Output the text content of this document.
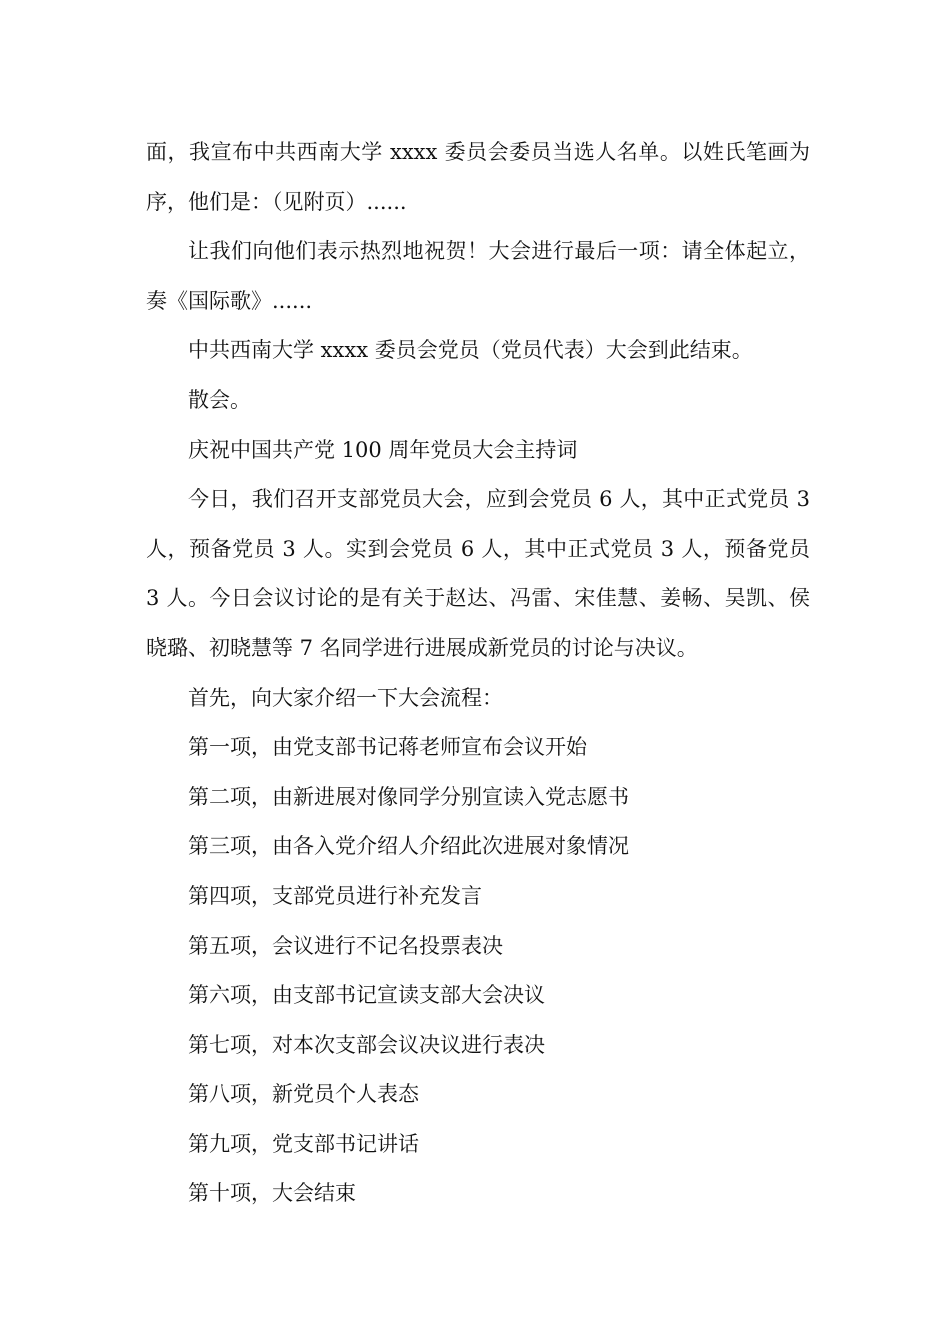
面，我宣布中共西南大学 xxxx 委员会委员当选人名单。以姓氏笔画为序，他们是：（见附页）......

让我们向他们表示热烈地祝贺！大会进行最后一项：请全体起立，奏《国际歌》......

中共西南大学 xxxx 委员会党员（党员代表）大会到此结束。

散会。

庆祝中国共产党 100 周年党员大会主持词

今日，我们召开支部党员大会，应到会党员 6 人，其中正式党员 3 人，预备党员 3 人。实到会党员 6 人，其中正式党员 3 人，预备党员 3 人。今日会议讨论的是有关于赵达、冯雷、宋佳慧、姜畅、吴凯、侯晓璐、初晓慧等 7 名同学进行进展成新党员的讨论与决议。

首先，向大家介绍一下大会流程：

第一项，由党支部书记蒋老师宣布会议开始

第二项，由新进展对像同学分别宣读入党志愿书

第三项，由各入党介绍人介绍此次进展对象情况

第四项，支部党员进行补充发言

第五项，会议进行不记名投票表决

第六项，由支部书记宣读支部大会决议

第七项，对本次支部会议决议进行表决

第八项，新党员个人表态

第九项，党支部书记讲话

第十项，大会结束
